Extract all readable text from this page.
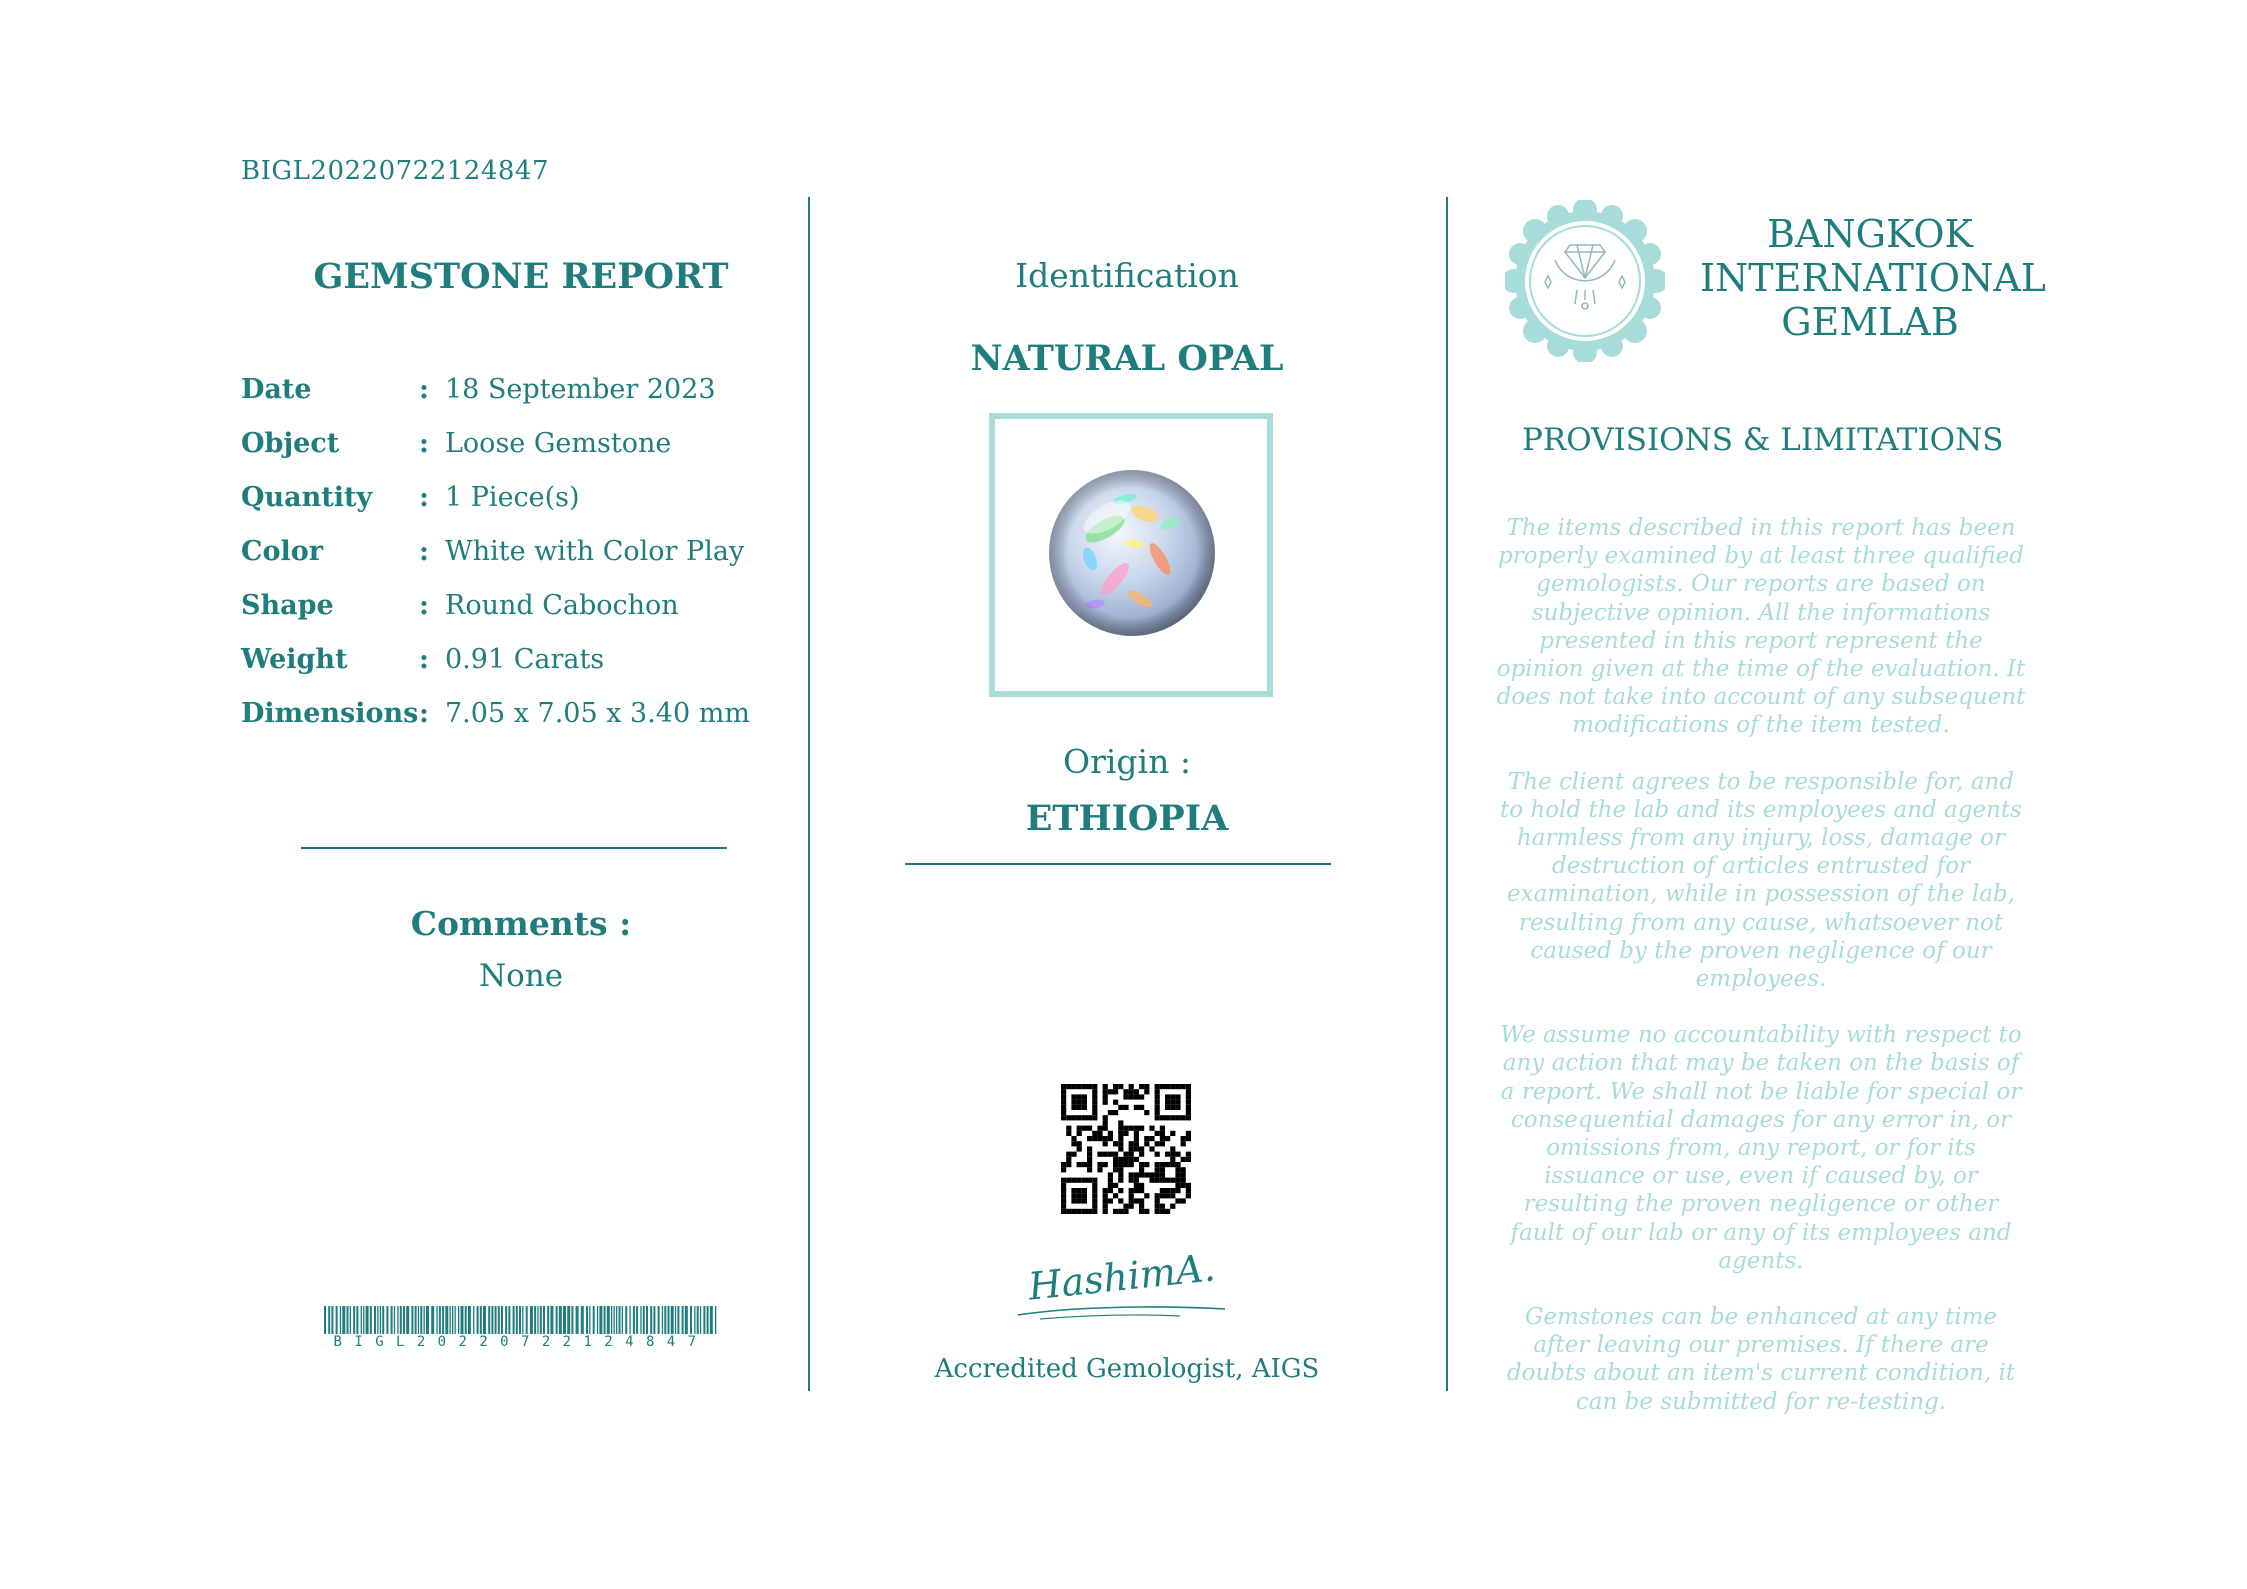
BIGL20220722124847
GEMSTONE REPORT
Date	: 18 September 2023
Object	: Loose Gemstone
Quantity	: 1 Piece(s)
Color	: White with Color Play
Shape	: Round Cabochon
Weight	: 0.91 Carats
Dimensions : 7.05 x 7.05 x 3.40 mm
Comments :
None
BIGL20220722124847
Identification
NATURAL OPAL
Origin :
ETHIOPIA
HashimA.
Accredited Gemologist, AIGS
BANGKOK
INTERNATIONAL
GEMLAB
PROVISIONS & LIMITATIONS

The items described in this report has been properly examined by at least three qualified gemologists. Our reports are based on subjective opinion. All the informations presented in this report represent the opinion given at the time of the evaluation. It does not take into account of any subsequent modifications of the item tested.

The client agrees to be responsible for, and to hold the lab and its employees and agents harmless from any injury, loss, damage or destruction of articles entrusted for examination, while in possession of the lab, resulting from any cause, whatsoever not caused by the proven negligence of our employees.

We assume no accountability with respect to any action that may be taken on the basis of a report. We shall not be liable for special or consequential damages for any error in, or omissions from, any report, or for its issuance or use, even if caused by, or resulting the proven negligence or other fault of our lab or any of its employees and agents.

Gemstones can be enhanced at any time after leaving our premises. If there are doubts about an item's current condition, it can be submitted for re-testing.
